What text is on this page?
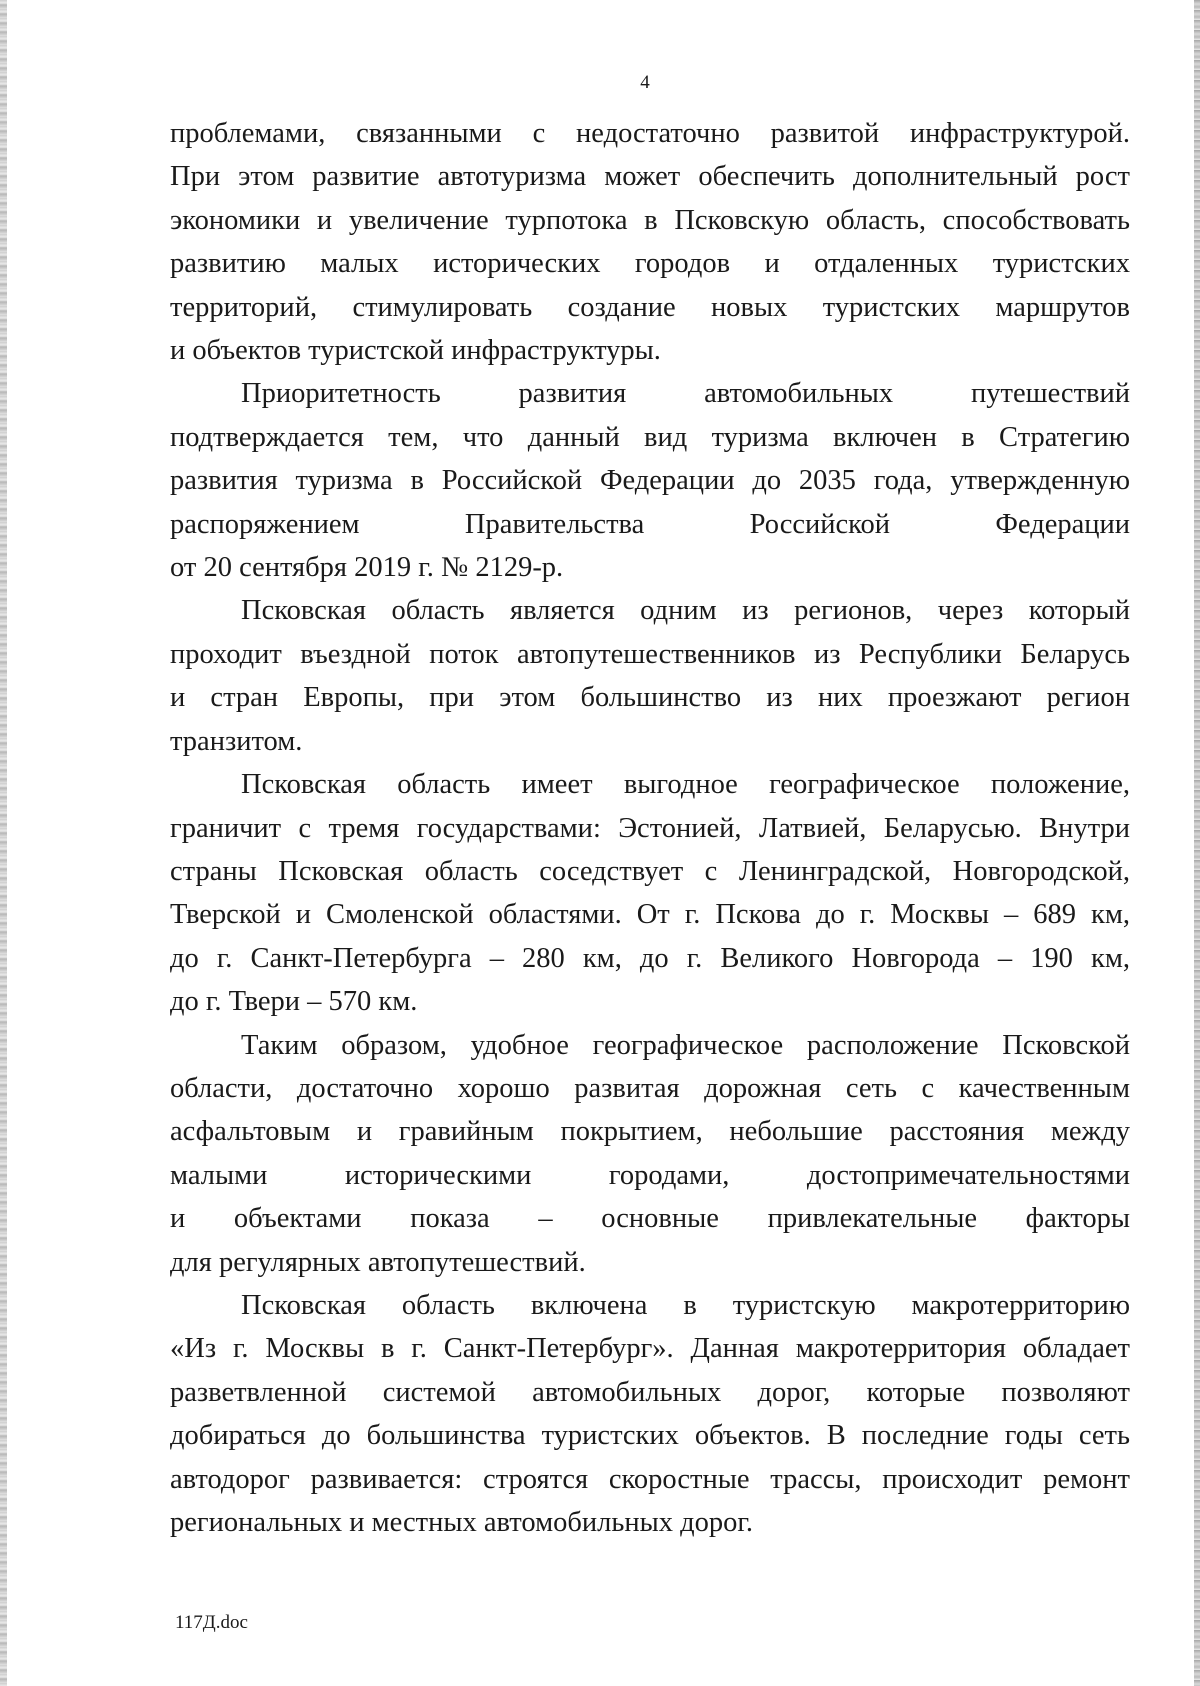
4

проблемами, связанными с недостаточно развитой инфраструктурой.
При этом развитие автотуризма может обеспечить дополнительный рост
экономики и увеличение турпотока в Псковскую область, способствовать
развитию малых исторических городов и отдаленных туристских
территорий, стимулировать создание новых туристских маршрутов
и объектов туристской инфраструктуры.

Приоритетность развития автомобильных путешествий
подтверждается тем, что данный вид туризма включен в Стратегию
развития туризма в Российской Федерации до 2035 года, утвержденную
распоряжением Правительства Российской Федерации
от 20 сентября 2019 г. № 2129-р.

Псковская область является одним из регионов, через который
проходит въездной поток автопутешественников из Республики Беларусь
и стран Европы, при этом большинство из них проезжают регион
транзитом.

Псковская область имеет выгодное географическое положение,
граничит с тремя государствами: Эстонией, Латвией, Беларусью. Внутри
страны Псковская область соседствует с Ленинградской, Новгородской,
Тверской и Смоленской областями. От г. Пскова до г. Москвы – 689 км,
до г. Санкт-Петербурга – 280 км, до г. Великого Новгорода – 190 км,
до г. Твери – 570 км.

Таким образом, удобное географическое расположение Псковской
области, достаточно хорошо развитая дорожная сеть с качественным
асфальтовым и гравийным покрытием, небольшие расстояния между
малыми историческими городами, достопримечательностями
и объектами показа – основные привлекательные факторы
для регулярных автопутешествий.

Псковская область включена в туристскую макротерриторию
«Из г. Москвы в г. Санкт-Петербург». Данная макротерритория обладает
разветвленной системой автомобильных дорог, которые позволяют
добираться до большинства туристских объектов. В последние годы сеть
автодорог развивается: строятся скоростные трассы, происходит ремонт
региональных и местных автомобильных дорог.

117Д.doc
